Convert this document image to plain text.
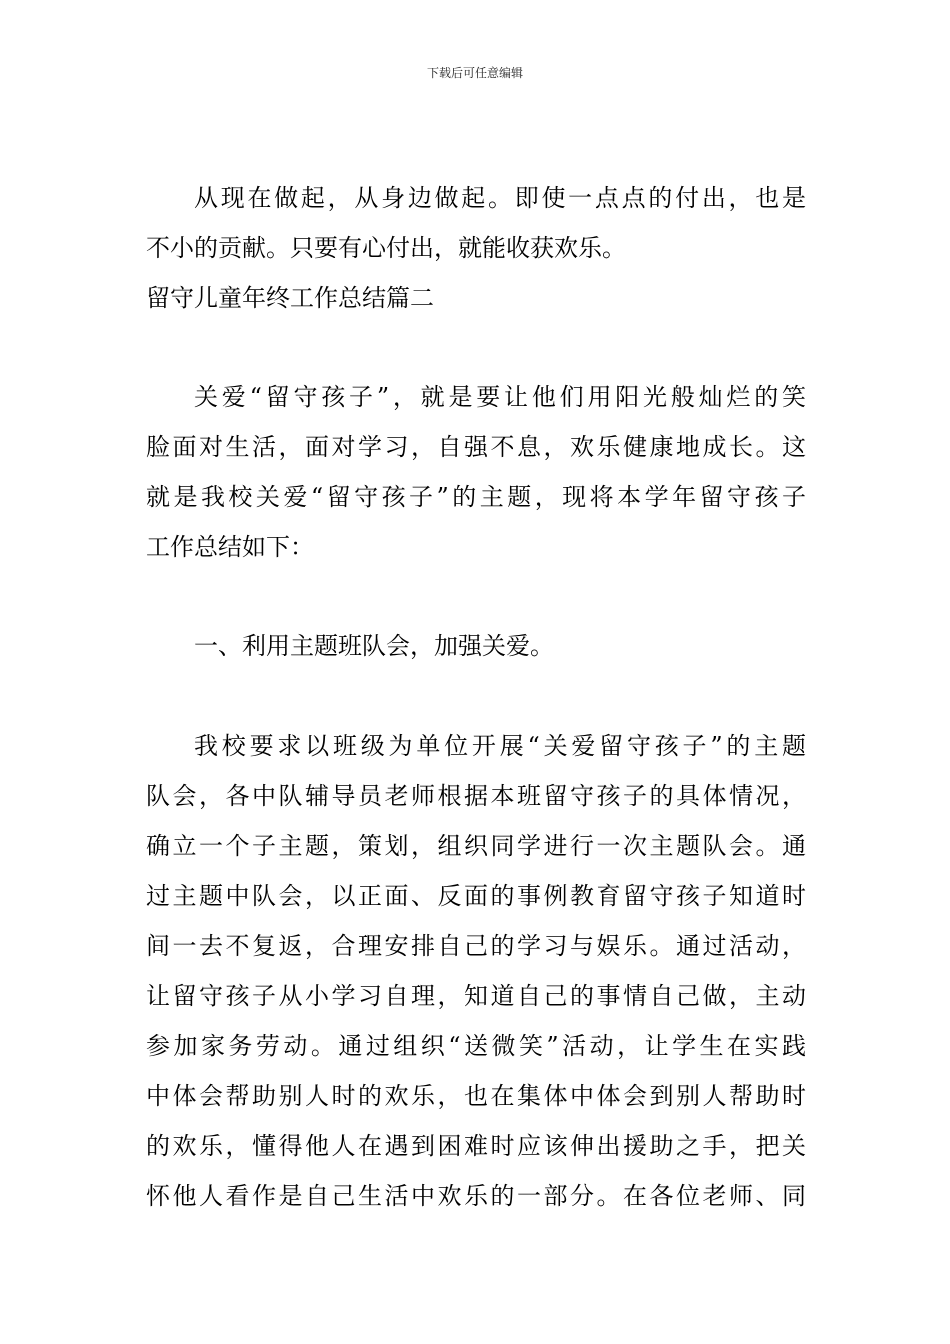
下载后可任意编辑
从现在做起，从身边做起。即使一点点的付出，也是
不小的贡献。只要有心付出，就能收获欢乐。
留守儿童年终工作总结篇二
关爱“留守孩子”，就是要让他们用阳光般灿烂的笑
脸面对生活，面对学习，自强不息，欢乐健康地成长。这
就是我校关爱“留守孩子”的主题，现将本学年留守孩子
工作总结如下：
一、利用主题班队会，加强关爱。
我校要求以班级为单位开展“关爱留守孩子”的主题
队会，各中队辅导员老师根据本班留守孩子的具体情况，
确立一个子主题，策划，组织同学进行一次主题队会。通
过主题中队会，以正面、反面的事例教育留守孩子知道时
间一去不复返，合理安排自己的学习与娱乐。通过活动，
让留守孩子从小学习自理，知道自己的事情自己做，主动
参加家务劳动。通过组织“送微笑”活动，让学生在实践
中体会帮助别人时的欢乐，也在集体中体会到别人帮助时
的欢乐，懂得他人在遇到困难时应该伸出援助之手，把关
怀他人看作是自己生活中欢乐的一部分。在各位老师、同
